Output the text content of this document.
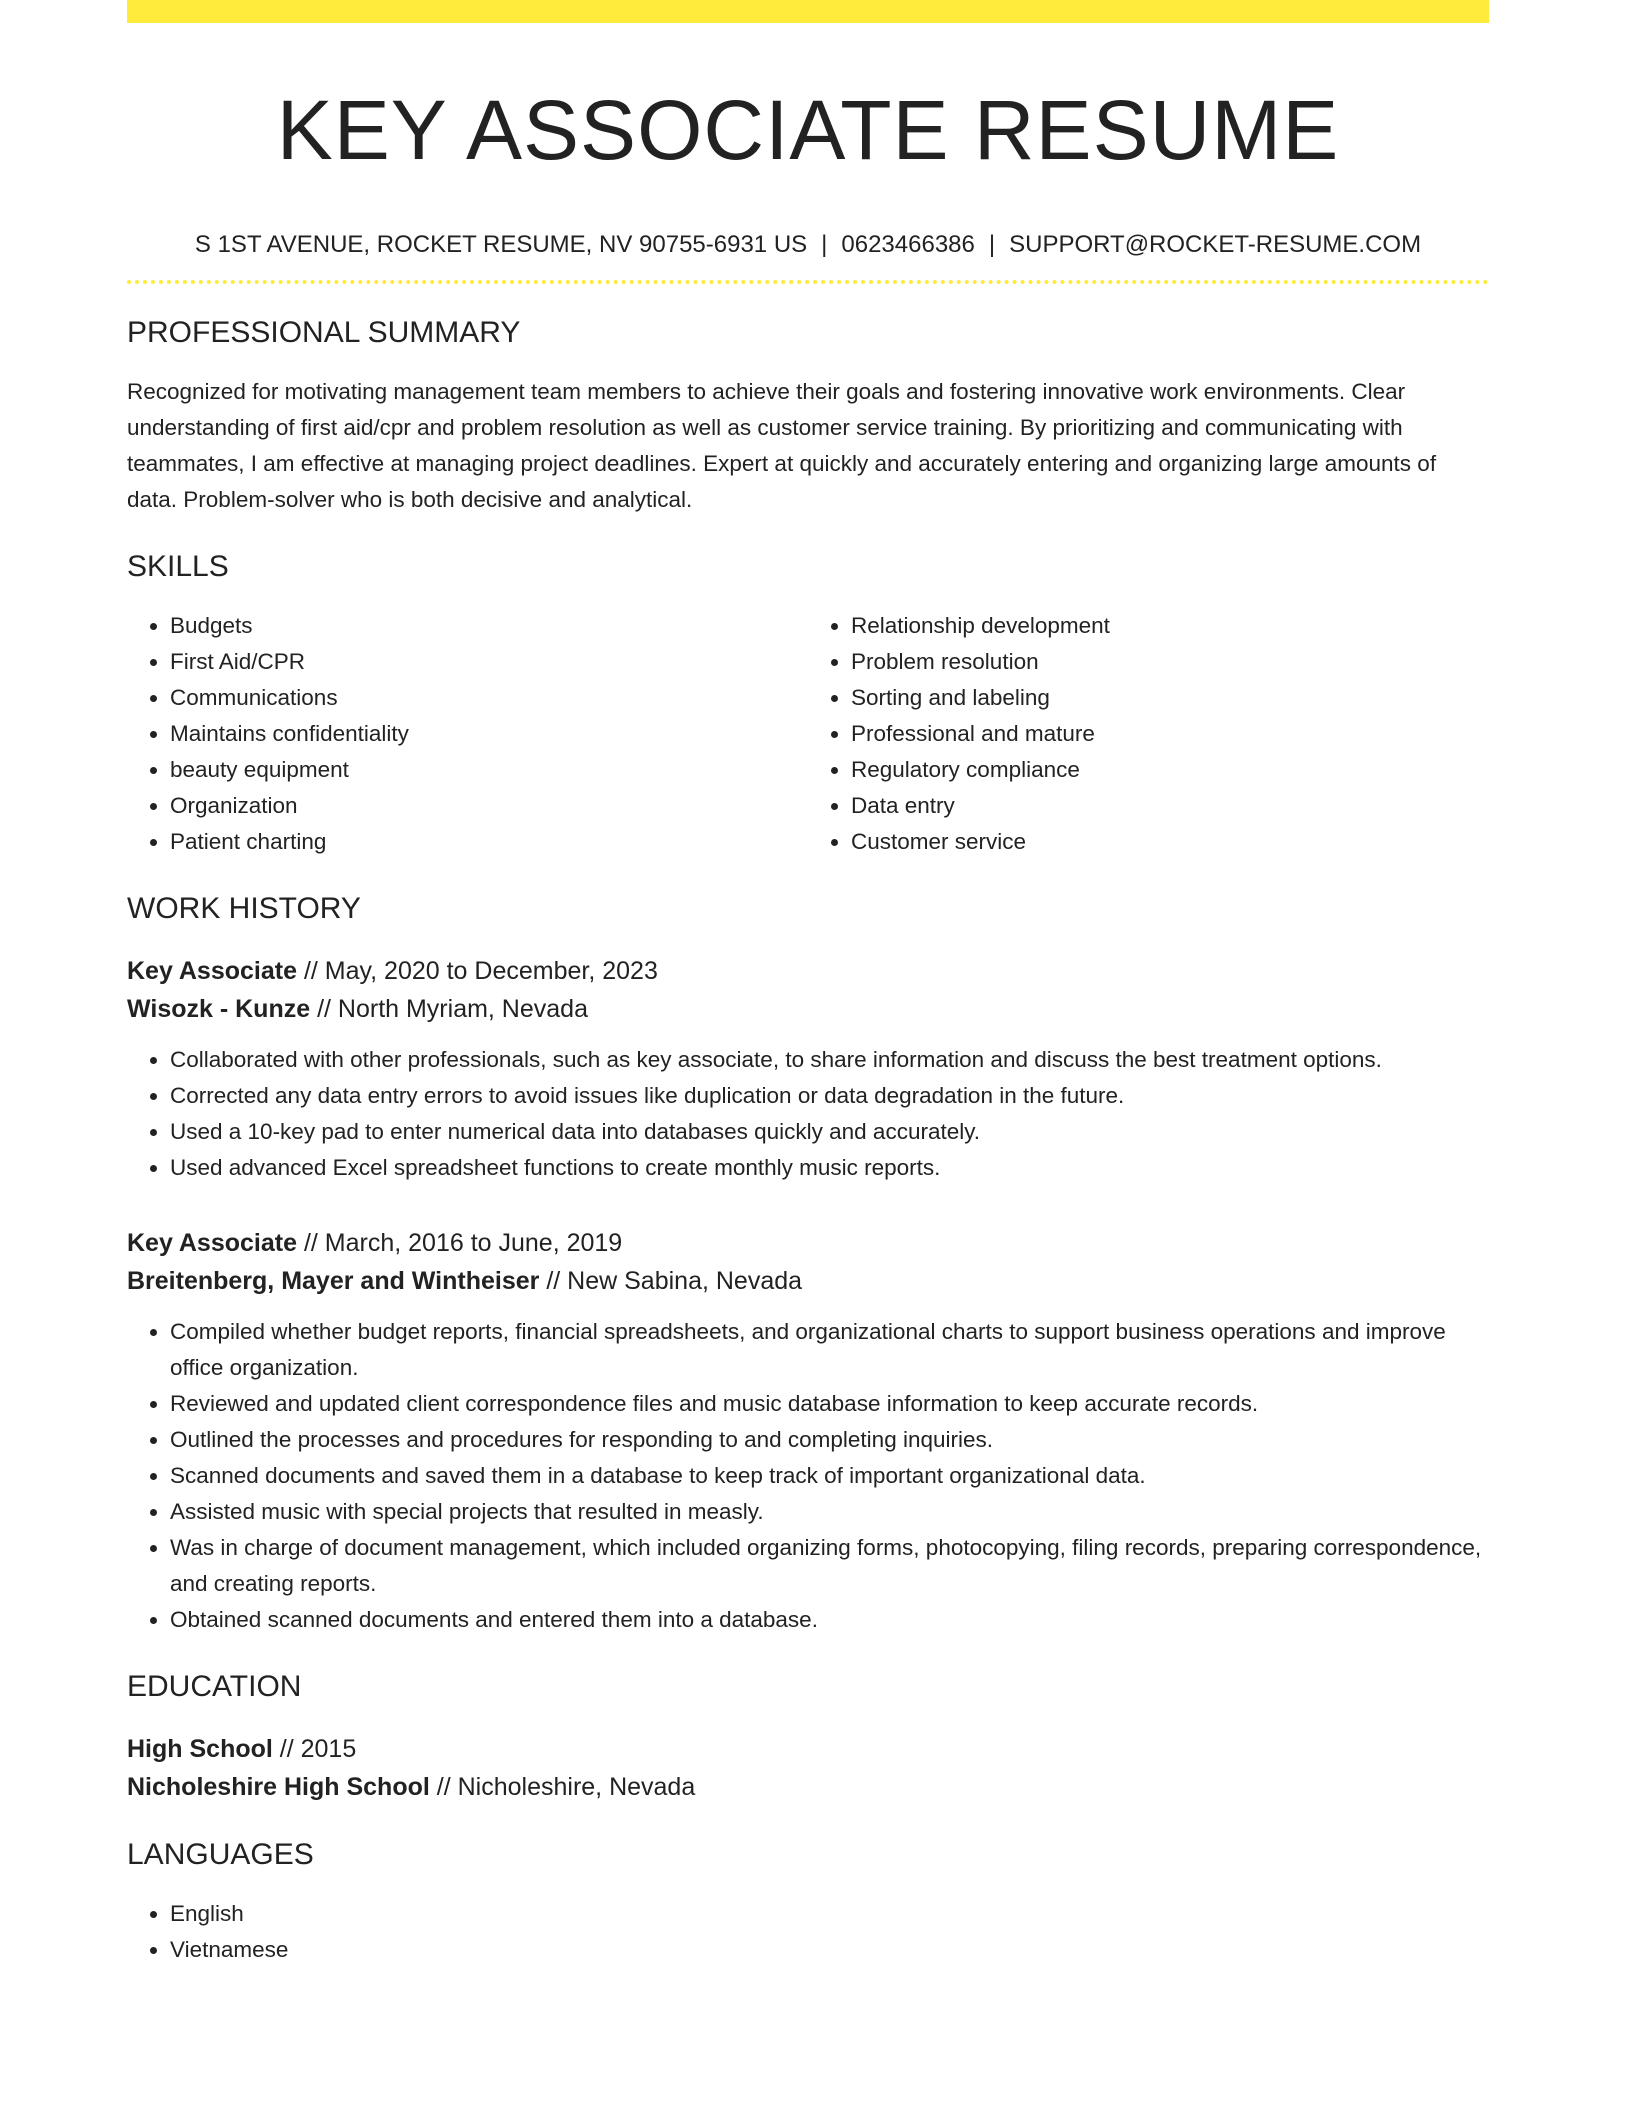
KEY ASSOCIATE RESUME
S 1ST AVENUE, ROCKET RESUME, NV 90755-6931 US | 0623466386 | SUPPORT@ROCKET-RESUME.COM
PROFESSIONAL SUMMARY

Recognized for motivating management team members to achieve their goals and fostering innovative work environments. Clear understanding of first aid/cpr and problem resolution as well as customer service training. By prioritizing and communicating with teammates, I am effective at managing project deadlines. Expert at quickly and accurately entering and organizing large amounts of data. Problem-solver who is both decisive and analytical.

SKILLS
• Budgets
• First Aid/CPR
• Communications
• Maintains confidentiality
• beauty equipment
• Organization
• Patient charting
• Relationship development
• Problem resolution
• Sorting and labeling
• Professional and mature
• Regulatory compliance
• Data entry
• Customer service
WORK HISTORY
Key Associate // May, 2020 to December, 2023
Wisozk - Kunze // North Myriam, Nevada
• Collaborated with other professionals, such as key associate, to share information and discuss the best treatment options.
• Corrected any data entry errors to avoid issues like duplication or data degradation in the future.
• Used a 10-key pad to enter numerical data into databases quickly and accurately.
• Used advanced Excel spreadsheet functions to create monthly music reports.
Key Associate // March, 2016 to June, 2019
Breitenberg, Mayer and Wintheiser // New Sabina, Nevada
• Compiled whether budget reports, financial spreadsheets, and organizational charts to support business operations and improve office organization.
• Reviewed and updated client correspondence files and music database information to keep accurate records.
• Outlined the processes and procedures for responding to and completing inquiries.
• Scanned documents and saved them in a database to keep track of important organizational data.
• Assisted music with special projects that resulted in measly.
• Was in charge of document management, which included organizing forms, photocopying, filing records, preparing correspondence, and creating reports.
• Obtained scanned documents and entered them into a database.
EDUCATION
High School // 2015
Nicholeshire High School // Nicholeshire, Nevada
LANGUAGES
• English
• Vietnamese
